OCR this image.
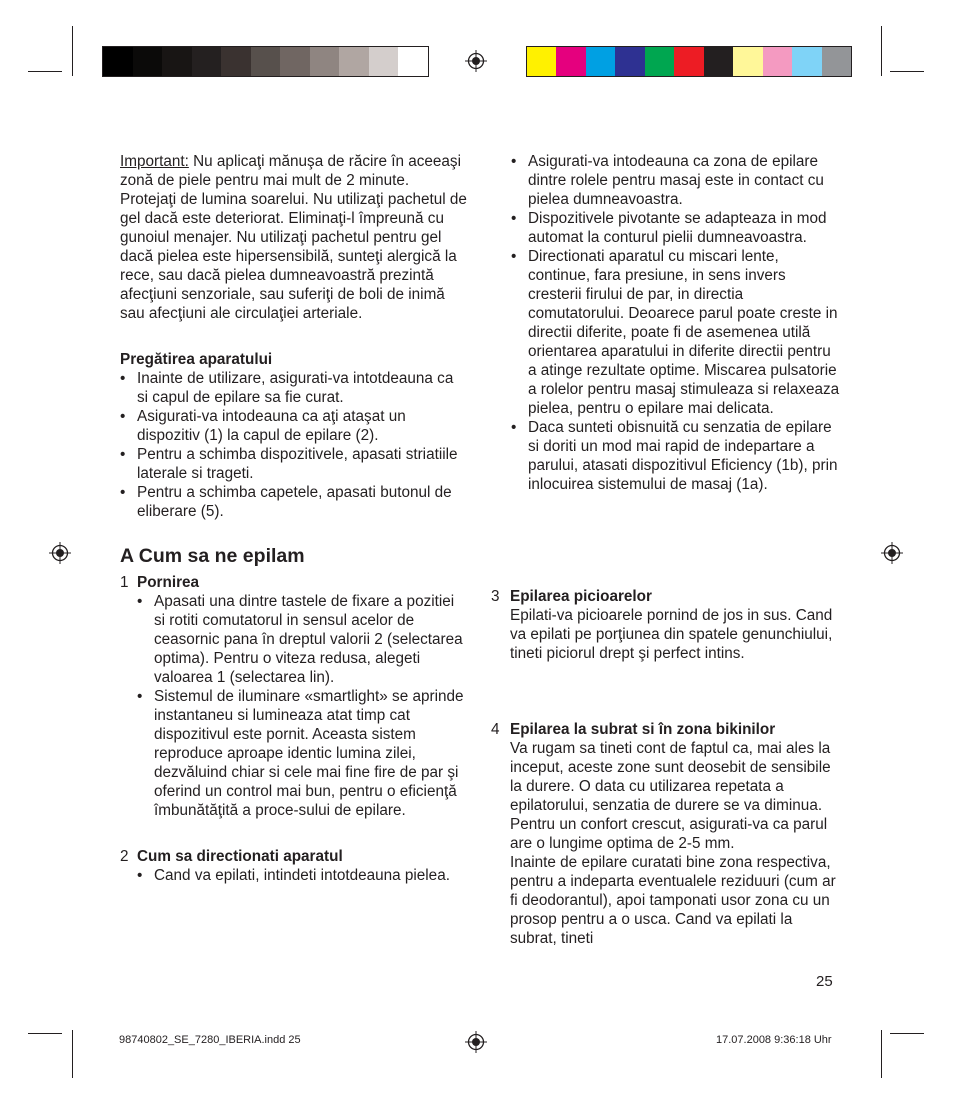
Important: Nu aplicaţi mănuşa de răcire în aceeaşi zonă de piele pentru mai mult de 2 minute. Protejaţi de lumina soarelui. Nu utilizaţi pachetul de gel dacă este deteriorat. Eliminaţi-l împreună cu gunoiul menajer. Nu utilizaţi pachetul pentru gel dacă pielea este hipersensibilă, sunteţi alergică la rece, sau dacă pielea dumneavoastră prezintă afecţiuni senzoriale, sau suferiţi de boli de inimă sau afecţiuni ale circulaţiei arteriale.

Pregătirea aparatului

• Inainte de utilizare, asigurati-va intotdeauna ca si capul de epilare sa fie curat.
• Asigurati-va intodeauna ca aţi ataşat un dispozitiv (1) la capul de epilare (2).
• Pentru a schimba dispozitivele, apasati striatiile laterale si trageti.
• Pentru a schimba capetele, apasati butonul de eliberare (5).
A Cum sa ne epilam
1 Pornirea

• Apasati una dintre tastele de fixare a pozitiei si rotiti comutatorul in sensul acelor de ceasornic pana în dreptul valorii 2 (selectarea optima). Pentru o viteza redusa, alegeti valoarea 1 (selectarea lin).
• Sistemul de iluminare «smartlight» se aprinde instantaneu si lumineaza atat timp cat dispozitivul este pornit. Aceasta sistem reproduce aproape identic lumina zilei, dezvăluind chiar si cele mai fine fire de par şi oferind un control mai bun, pentru o eficienţă îmbunătăţită a proce-sului de epilare.
2 Cum sa directionati aparatul

• Cand va epilati, intindeti intotdeauna pielea.
• Asigurati-va intodeauna ca zona de epilare dintre rolele pentru masaj este in contact cu pielea dumneavoastra.
• Dispozitivele pivotante se adapteaza in mod automat la conturul pielii dumneavoastra.
• Directionati aparatul cu miscari lente, continue, fara presiune, in sens invers cresterii firului de par, in directia comutatorului. Deoarece parul poate creste in directii diferite, poate fi de asemenea utilă orientarea aparatului in diferite directii pentru a atinge rezultate optime. Miscarea pulsatorie a rolelor pentru masaj stimuleaza si relaxeaza pielea, pentru o epilare mai delicata.
• Daca sunteti obisnuită cu senzatia de epilare si doriti un mod mai rapid de indepartare a parului, atasati dispozitivul Eficiency (1b), prin inlocuirea sistemului de masaj (1a).
3 Epilarea picioarelor

Epilati-va picioarele pornind de jos in sus. Cand va epilati pe porţiunea din spatele genunchiului, tineti piciorul drept şi perfect intins.

4 Epilarea la subrat si în zona bikinilor

Va rugam sa tineti cont de faptul ca, mai ales la inceput, aceste zone sunt deosebit de sensibile la durere. O data cu utilizarea repetata a epilatorului, senzatia de durere se va diminua. Pentru un confort crescut, asigurati-va ca parul are o lungime optima de 2-5 mm.

Inainte de epilare curatati bine zona respectiva, pentru a indeparta eventualele reziduuri (cum ar fi deodorantul), apoi tamponati usor zona cu un prosop pentru a o usca. Cand va epilati la subrat, tineti

25
98740802_SE_7280_IBERIA.indd 25	17.07.2008 9:36:18 Uhr
